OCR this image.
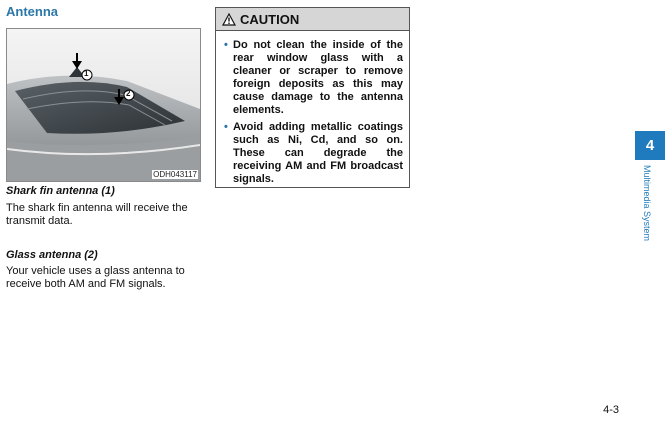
Antenna
1
2
ODH043117
Shark fin antenna (1)
The shark fin antenna will receive the transmit data.
Glass antenna (2)
Your vehicle uses a glass antenna to receive both AM and FM signals.
CAUTION
• Do not clean the inside of the rear window glass with a cleaner or scraper to remove foreign deposits as this may cause damage to the antenna elements.
• Avoid adding metallic coatings such as Ni, Cd, and so on. These can degrade the receiving AM and FM broadcast signals.
4
Multimedia System
4-3
